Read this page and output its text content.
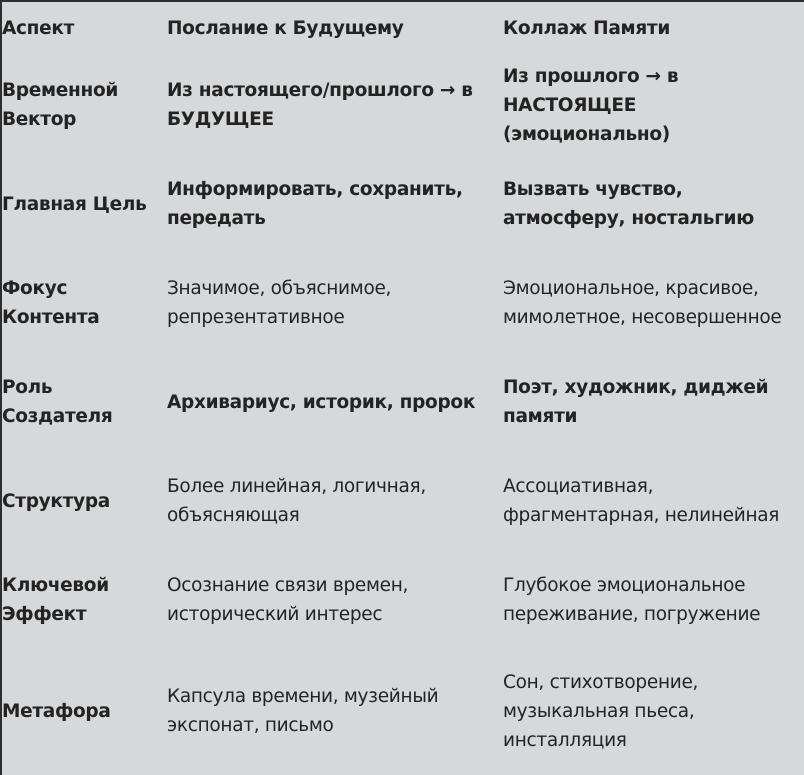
Аспект	Послание к Будущему	Коллаж Памяти
Временной Вектор	Из настоящего/прошлого → в БУДУЩЕЕ	Из прошлого → в НАСТОЯЩЕЕ (эмоционально)
Главная Цель	Информировать, сохранить, передать	Вызвать чувство, атмосферу, ностальгию
Фокус Контента	Значимое, объяснимое, репрезентативное	Эмоциональное, красивое, мимолетное, несовершенное
Роль Создателя	Архивариус, историк, пророк	Поэт, художник, диджей памяти
Структура	Более линейная, логичная, объясняющая	Ассоциативная, фрагментарная, нелинейная
Ключевой Эффект	Осознание связи времен, исторический интерес	Глубокое эмоциональное переживание, погружение
Метафора	Капсула времени, музейный экспонат, письмо	Сон, стихотворение, музыкальная пьеса, инсталляция
